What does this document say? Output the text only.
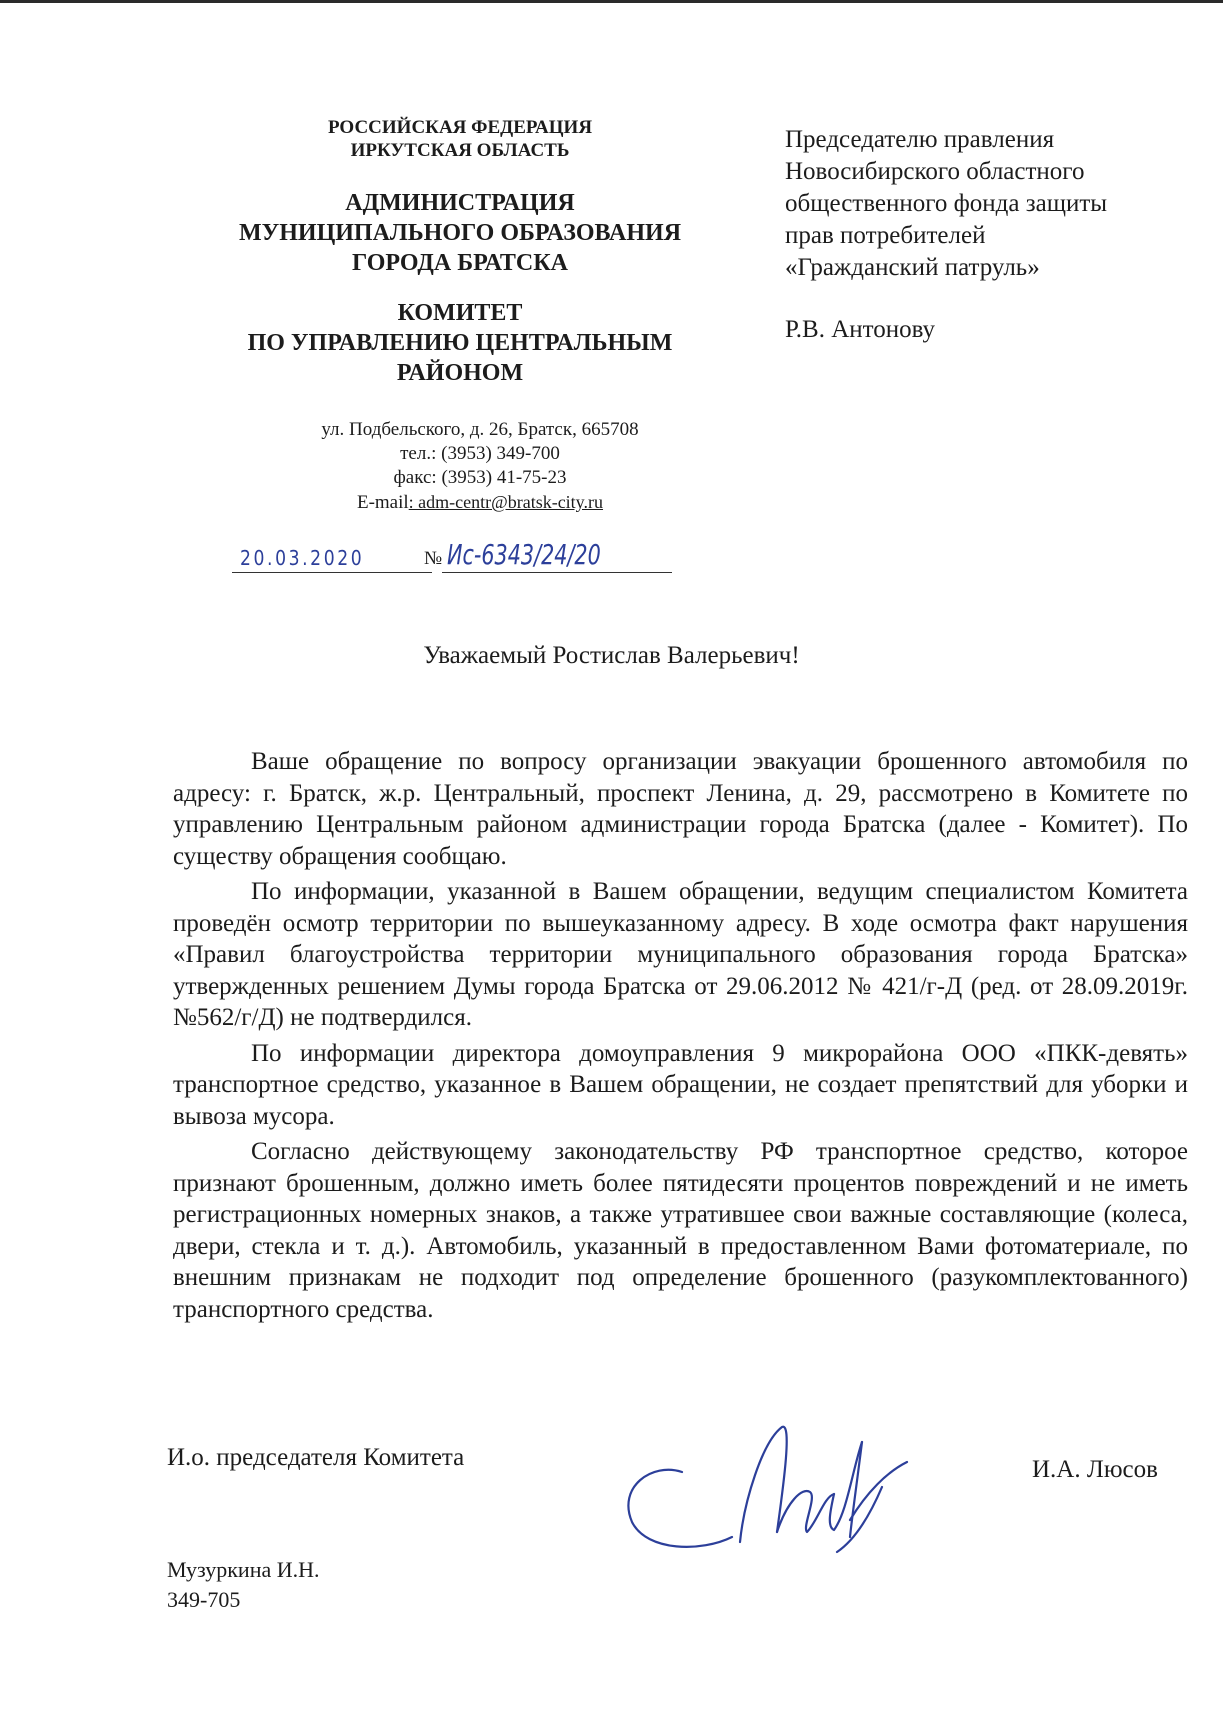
РОССИЙСКАЯ ФЕДЕРАЦИЯ
ИРКУТСКАЯ ОБЛАСТЬ
АДМИНИСТРАЦИЯ
МУНИЦИПАЛЬНОГО ОБРАЗОВАНИЯ
ГОРОДА БРАТСКА
КОМИТЕТ
ПО УПРАВЛЕНИЮ ЦЕНТРАЛЬНЫМ
РАЙОНОМ
ул. Подбельского, д. 26, Братск, 665708
тел.: (3953) 349-700
факс: (3953) 41-75-23
E-mail: adm-centr@bratsk-city.ru
20.03.2020	№ Ис-6343/24/20
Председателю правления
Новосибирского областного
общественного фонда защиты
прав потребителей
«Гражданский патруль»
Р.В. Антонову
Уважаемый Ростислав Валерьевич!

Ваше обращение по вопросу организации эвакуации брошенного автомобиля по адресу: г. Братск, ж.р. Центральный, проспект Ленина, д. 29, рассмотрено в Комитете по управлению Центральным районом администрации города Братска (далее - Комитет). По существу обращения сообщаю.

По информации, указанной в Вашем обращении, ведущим специалистом Комитета проведён осмотр территории по вышеуказанному адресу. В ходе осмотра факт нарушения «Правил благоустройства территории муниципального образования города Братска» утвержденных решением Думы города Братска от 29.06.2012 № 421/г-Д (ред. от 28.09.2019г. №562/г/Д) не подтвердился.

По информации директора домоуправления 9 микрорайона ООО «ПКК-девять» транспортное средство, указанное в Вашем обращении, не создает препятствий для уборки и вывоза мусора.

Согласно действующему законодательству РФ транспортное средство, которое признают брошенным, должно иметь более пятидесяти процентов повреждений и не иметь регистрационных номерных знаков, а также утратившее свои важные составляющие (колеса, двери, стекла и т. д.). Автомобиль, указанный в предоставленном Вами фотоматериале, по внешним признакам не подходит под определение брошенного (разукомплектованного) транспортного средства.

И.о. председателя Комитета	И.А. Люсов
Музуркина И.Н.
349-705
